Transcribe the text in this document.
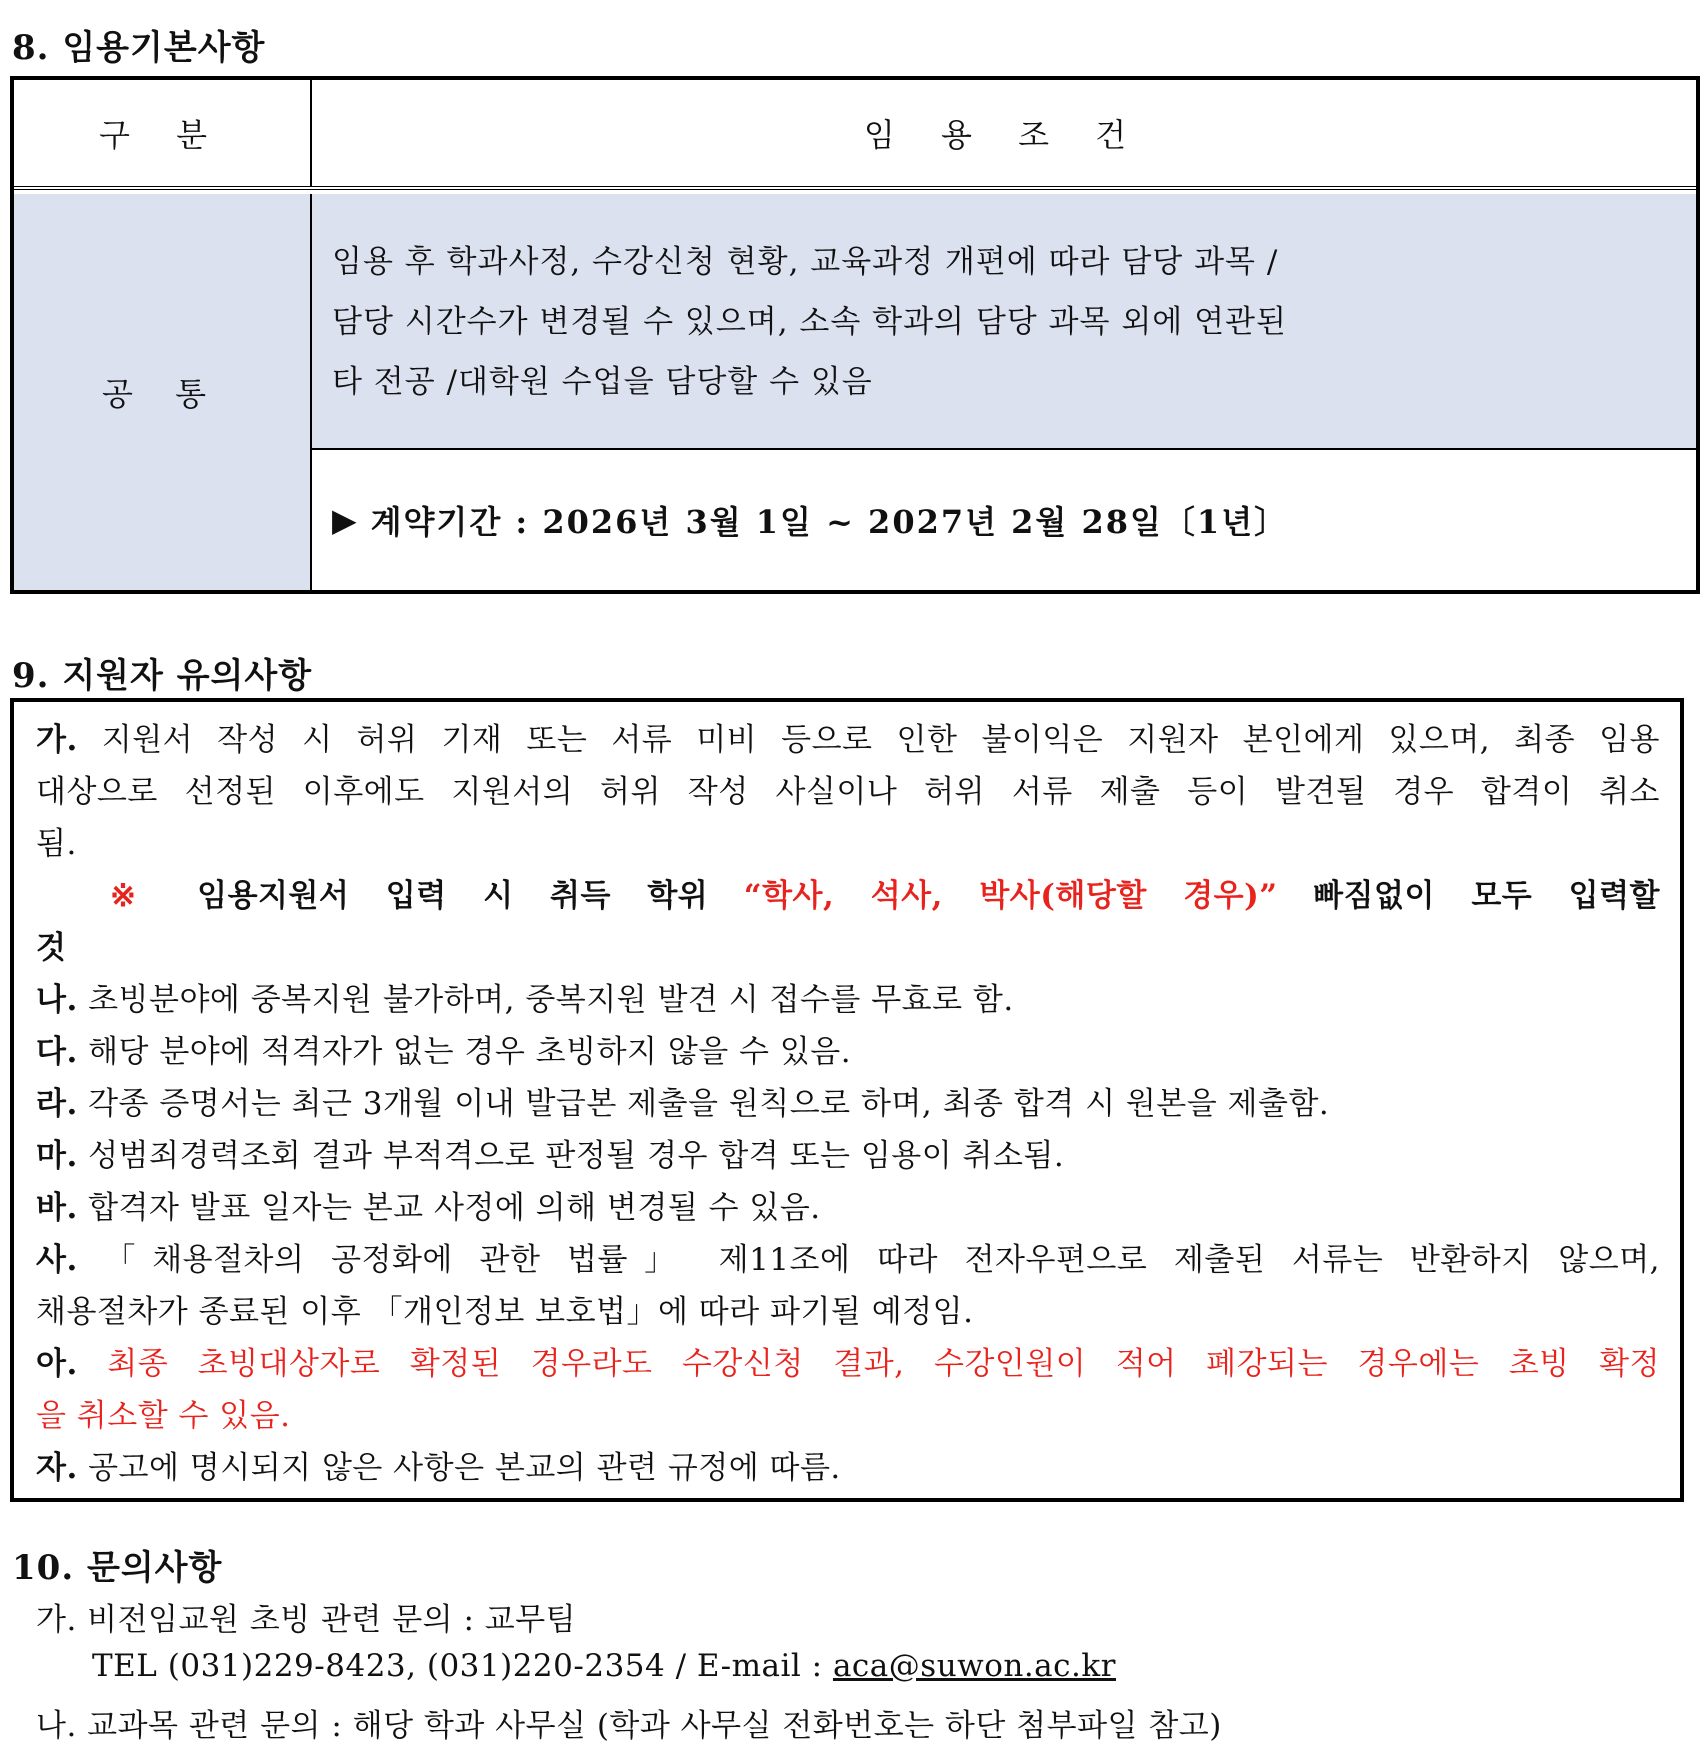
8. 임용기본사항
구 분	임 용 조 건
공 통
임용 후 학과사정, 수강신청 현황, 교육과정 개편에 따라 담당 과목 /
담당 시간수가 변경될 수 있으며, 소속 학과의 담당 과목 외에 연관된
타 전공 /대학원 수업을 담당할 수 있음
▶ 계약기간 : 2026년 3월 1일 ~ 2027년 2월 28일〔1년〕
9. 지원자 유의사항
가. 지원서 작성 시 허위 기재 또는 서류 미비 등으로 인한 불이익은 지원자 본인에게 있으며, 최종 임용
대상으로 선정된 이후에도 지원서의 허위 작성 사실이나 허위 서류 제출 등이 발견될 경우 합격이 취소
됨.
※ 임용지원서 입력 시 취득 학위 “학사, 석사, 박사(해당할 경우)” 빠짐없이 모두 입력할
것
나. 초빙분야에 중복지원 불가하며, 중복지원 발견 시 접수를 무효로 함.
다. 해당 분야에 적격자가 없는 경우 초빙하지 않을 수 있음.
라. 각종 증명서는 최근 3개월 이내 발급본 제출을 원칙으로 하며, 최종 합격 시 원본을 제출함.
마. 성범죄경력조회 결과 부적격으로 판정될 경우 합격 또는 임용이 취소됨.
바. 합격자 발표 일자는 본교 사정에 의해 변경될 수 있음.
사. 「채용절차의 공정화에 관한 법률」 제11조에 따라 전자우편으로 제출된 서류는 반환하지 않으며,
채용절차가 종료된 이후 「개인정보 보호법」에 따라 파기될 예정임.
아. 최종 초빙대상자로 확정된 경우라도 수강신청 결과, 수강인원이 적어 폐강되는 경우에는 초빙 확정
을 취소할 수 있음.
자. 공고에 명시되지 않은 사항은 본교의 관련 규정에 따름.
10. 문의사항
가. 비전임교원 초빙 관련 문의 : 교무팀
TEL (031)229-8423, (031)220-2354 / E-mail : aca@suwon.ac.kr
나. 교과목 관련 문의 : 해당 학과 사무실 (학과 사무실 전화번호는 하단 첨부파일 참고)
